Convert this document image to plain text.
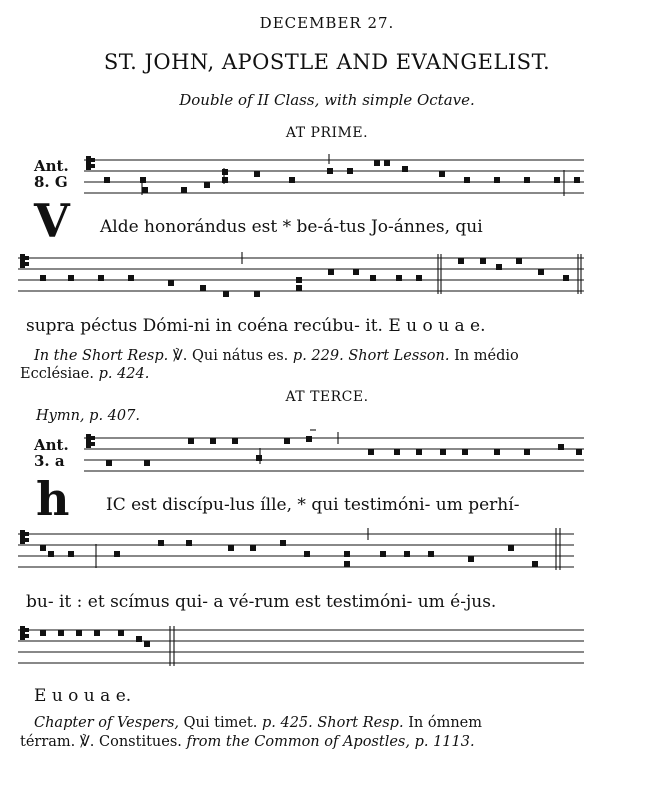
DECEMBER 27.
ST. JOHN, APOSTLE AND EVANGELIST.
Double of II Class, with simple Octave.
AT PRIME.
Ant.
8. G
V Alde honorándus est * be-á-tus Jo-ánnes, qui
supra péctus Dómi-ni in coéna recúbu- it. E u o u a e.
In the Short Resp. ℣. Qui nátus es. p. 229. Short Lesson. In médio
Ecclésiae. p. 424.
AT TERCE.
Hymn, p. 407.
Ant.
3. a
h IC est discípu-lus ílle, * qui testimóni- um perhí-
bu- it : et scímus qui- a vé-rum est testimóni- um é-jus.
E u o u a e.
Chapter of Vespers, Qui timet. p. 425. Short Resp. In ómnem
térram. ℣. Constitues. from the Common of Apostles, p. 1113.
